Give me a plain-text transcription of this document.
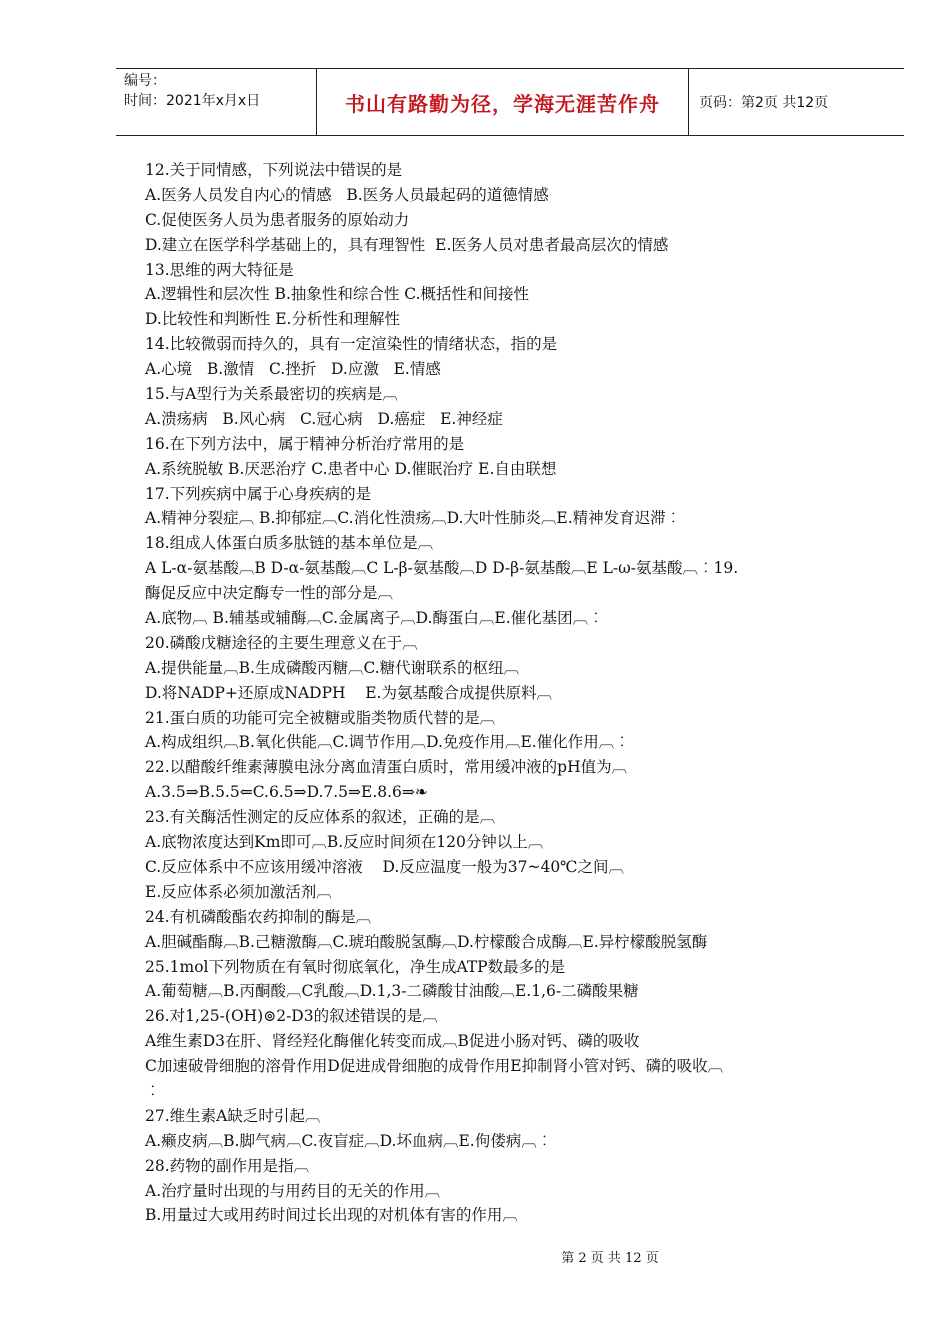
编号：
时间：2021年x月x日	书山有路勤为径，学海无涯苦作舟	页码：第2页 共12页
12.关于同情感，下列说法中错误的是
A.医务人员发自内心的情感   B.医务人员最起码的道德情感
C.促使医务人员为患者服务的原始动力
D.建立在医学科学基础上的，具有理智性  E.医务人员对患者最高层次的情感
13.思维的两大特征是
A.逻辑性和层次性 B.抽象性和综合性 C.概括性和间接性
D.比较性和判断性 E.分析性和理解性
14.比较微弱而持久的，具有一定渲染性的情绪状态，指的是
A.心境   B.激情   C.挫折   D.应激   E.情感
15.与A型行为关系最密切的疾病是︹
A.溃疡病   B.风心病   C.冠心病   D.癌症   E.神经症
16.在下列方法中，属于精神分析治疗常用的是
A.系统脱敏 B.厌恶治疗 C.患者中心 D.催眠治疗 E.自由联想
17.下列疾病中属于心身疾病的是
A.精神分裂症︹ B.抑郁症︹C.消化性溃疡︹D.大叶性肺炎︹E.精神发育迟滞︰
18.组成人体蛋白质多肽链的基本单位是︹
A L-α-氨基酸︹B D-α-氨基酸︹C L-β-氨基酸︹D D-β-氨基酸︹E L-ω-氨基酸︹︰19.
酶促反应中决定酶专一性的部分是︹
A.底物︹ B.辅基或辅酶︹C.金属离子︹D.酶蛋白︹E.催化基团︹︰
20.磷酸戊糖途径的主要生理意义在于︹
A.提供能量︹B.生成磷酸丙糖︹C.糖代谢联系的枢纽︹
D.将NADP+还原成NADPH    E.为氨基酸合成提供原料︹
21.蛋白质的功能可完全被糖或脂类物质代替的是︹
A.构成组织︹B.氧化供能︹C.调节作用︹D.免疫作用︹E.催化作用︹︰
22.以醋酸纤维素薄膜电泳分离血清蛋白质时，常用缓冲液的pH值为︹
A.3.5⇒B.5.5⇐C.6.5⇒D.7.5⇒E.8.6⇒❧
23.有关酶活性测定的反应体系的叙述，正确的是︹
A.底物浓度达到Km即可︹B.反应时间须在120分钟以上︹
C.反应体系中不应该用缓冲溶液    D.反应温度一般为37~40℃之间︹
E.反应体系必须加激活剂︹
24.有机磷酸酯农药抑制的酶是︹
A.胆碱酯酶︹B.己糖激酶︹C.琥珀酸脱氢酶︹D.柠檬酸合成酶︹E.异柠檬酸脱氢酶
25.1mol下列物质在有氧时彻底氧化，净生成ATP数最多的是
A.葡萄糖︹B.丙酮酸︹C乳酸︹D.1,3-二磷酸甘油酸︹E.1,6-二磷酸果糖
26.对1,25-(OH)⊚2-D3的叙述错误的是︹
A维生素D3在肝、肾经羟化酶催化转变而成︹B促进小肠对钙、磷的吸收
C加速破骨细胞的溶骨作用D促进成骨细胞的成骨作用E抑制肾小管对钙、磷的吸收︹
︰
27.维生素A缺乏时引起︹
A.癞皮病︹B.脚气病︹C.夜盲症︹D.坏血病︹E.佝偻病︹︰
28.药物的副作用是指︹
A.治疗量时出现的与用药目的无关的作用︹
B.用量过大或用药时间过长出现的对机体有害的作用︹
第 2 页 共 12 页
